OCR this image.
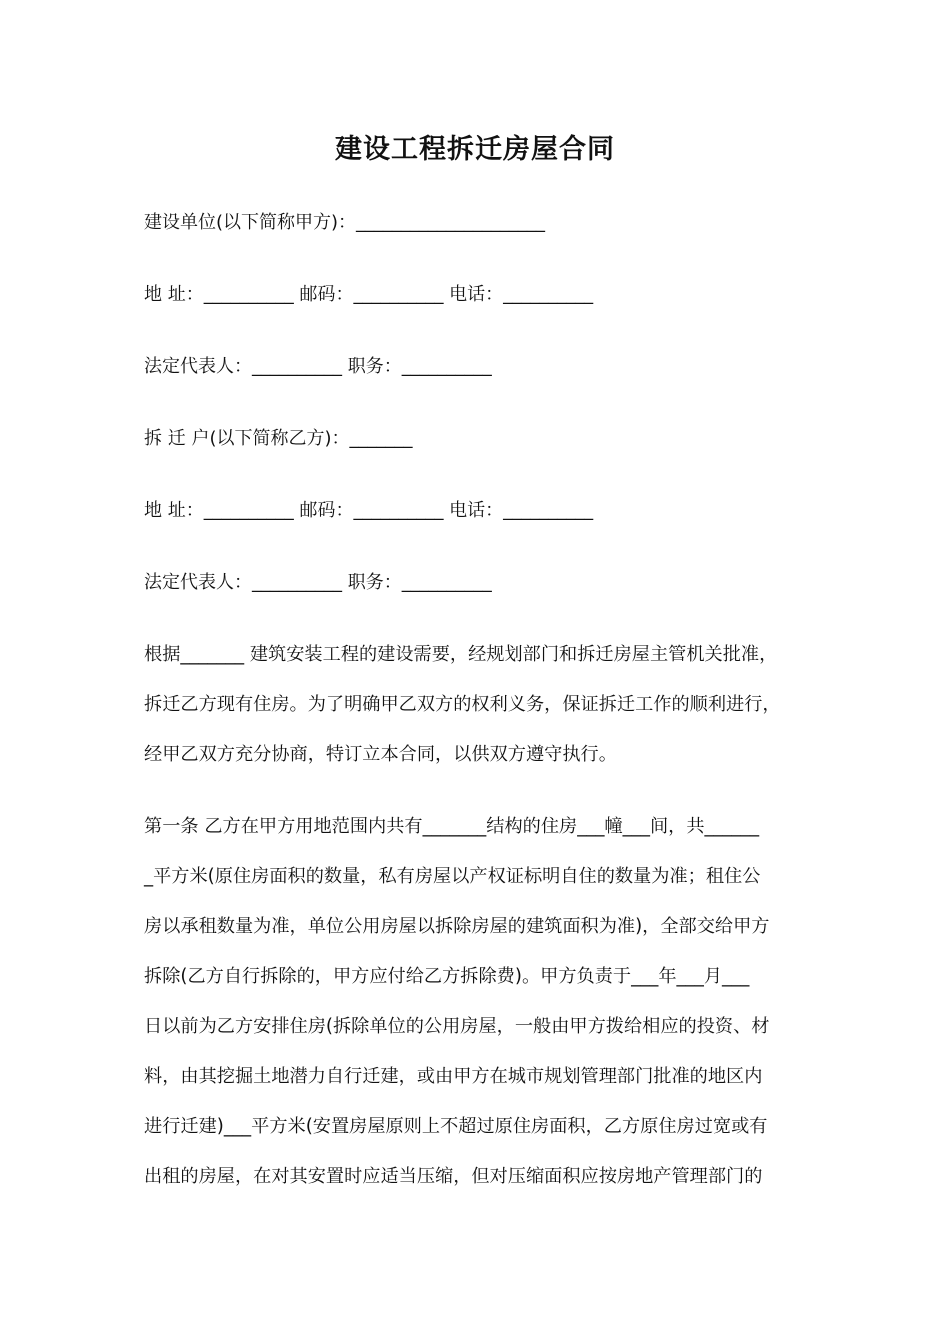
建设工程拆迁房屋合同
建设单位(以下简称甲方)：_____________________
地 址：__________ 邮码：__________ 电话：__________
法定代表人：__________ 职务：__________
拆 迁 户(以下简称乙方)：_______
地 址：__________ 邮码：__________ 电话：__________
法定代表人：__________ 职务：__________
根据_______ 建筑安装工程的建设需要，经规划部门和拆迁房屋主管机关批准，
拆迁乙方现有住房。为了明确甲乙双方的权利义务，保证拆迁工作的顺利进行，
经甲乙双方充分协商，特订立本合同，以供双方遵守执行。
第一条 乙方在甲方用地范围内共有_______结构的住房___幢___间，共______
_平方米(原住房面积的数量，私有房屋以产权证标明自住的数量为准；租住公
房以承租数量为准，单位公用房屋以拆除房屋的建筑面积为准)，全部交给甲方
拆除(乙方自行拆除的，甲方应付给乙方拆除费)。甲方负责于___年___月___
日以前为乙方安排住房(拆除单位的公用房屋，一般由甲方拨给相应的投资、材
料，由其挖掘土地潜力自行迁建，或由甲方在城市规划管理部门批准的地区内
进行迁建)___平方米(安置房屋原则上不超过原住房面积，乙方原住房过宽或有
出租的房屋，在对其安置时应适当压缩，但对压缩面积应按房地产管理部门的
